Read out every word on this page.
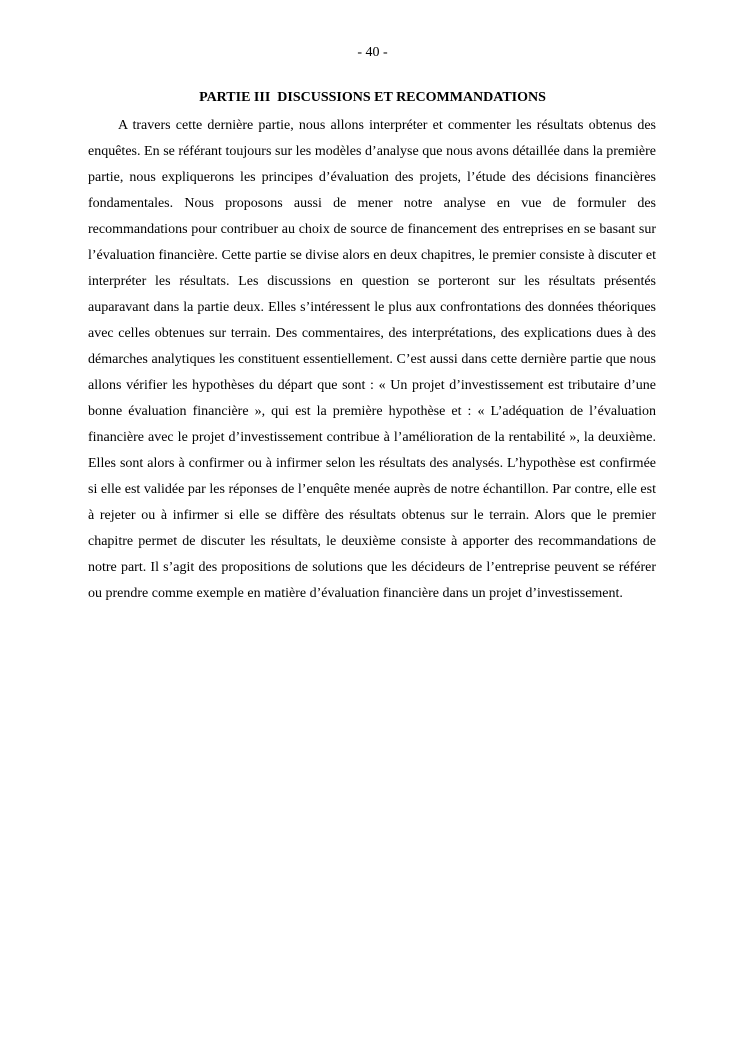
- 40 -
PARTIE III  DISCUSSIONS ET RECOMMANDATIONS

A travers cette dernière partie, nous allons interpréter et commenter les résultats obtenus des enquêtes. En se référant toujours sur les modèles d’analyse que nous avons détaillée dans la première partie, nous expliquerons les principes d’évaluation des projets, l’étude des décisions financières fondamentales. Nous proposons aussi de mener notre analyse en vue de formuler des recommandations pour contribuer au choix de source de financement des entreprises en se basant sur l’évaluation financière. Cette partie se divise alors en deux chapitres, le premier consiste à discuter et interpréter les résultats. Les discussions en question se porteront sur les résultats présentés auparavant dans la partie deux. Elles s’intéressent le plus aux confrontations des données théoriques avec celles obtenues sur terrain. Des commentaires, des interprétations, des explications dues à des démarches analytiques les constituent essentiellement. C’est aussi dans cette dernière partie que nous allons vérifier les hypothèses du départ que sont : « Un projet d’investissement est tributaire d’une bonne évaluation financière », qui est la première hypothèse et : « L’adéquation de l’évaluation financière avec le projet d’investissement contribue à l’amélioration de la rentabilité », la deuxième. Elles sont alors à confirmer ou à infirmer selon les résultats des analysés. L’hypothèse est confirmée si elle est validée par les réponses de l’enquête menée auprès de notre échantillon. Par contre, elle est à rejeter ou à infirmer si elle se diffère des résultats obtenus sur le terrain. Alors que le premier chapitre permet de discuter les résultats, le deuxième consiste à apporter des recommandations de notre part. Il s’agit des propositions de solutions que les décideurs de l’entreprise peuvent se référer ou prendre comme exemple en matière d’évaluation financière dans un projet d’investissement.
